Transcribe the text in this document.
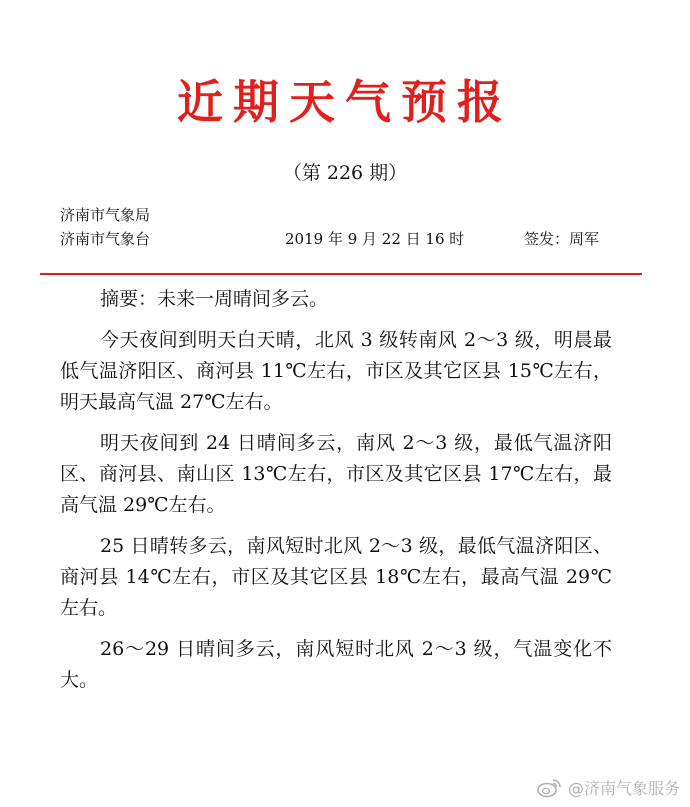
近期天气预报
（第 226 期）
济南市气象局
济南市气象台	2019 年 9 月 22 日 16 时	签发：周军

摘要：未来一周晴间多云。

今天夜间到明天白天晴，北风 3 级转南风 2～3 级，明晨最低气温济阳区、商河县 11℃左右，市区及其它区县 15℃左右，明天最高气温 27℃左右。

明天夜间到 24 日晴间多云，南风 2～3 级，最低气温济阳区、商河县、南山区 13℃左右，市区及其它区县 17℃左右，最高气温 29℃左右。

25 日晴转多云，南风短时北风 2～3 级，最低气温济阳区、商河县 14℃左右，市区及其它区县 18℃左右，最高气温 29℃左右。

26～29 日晴间多云，南风短时北风 2～3 级，气温变化不大。

@济南气象服务
